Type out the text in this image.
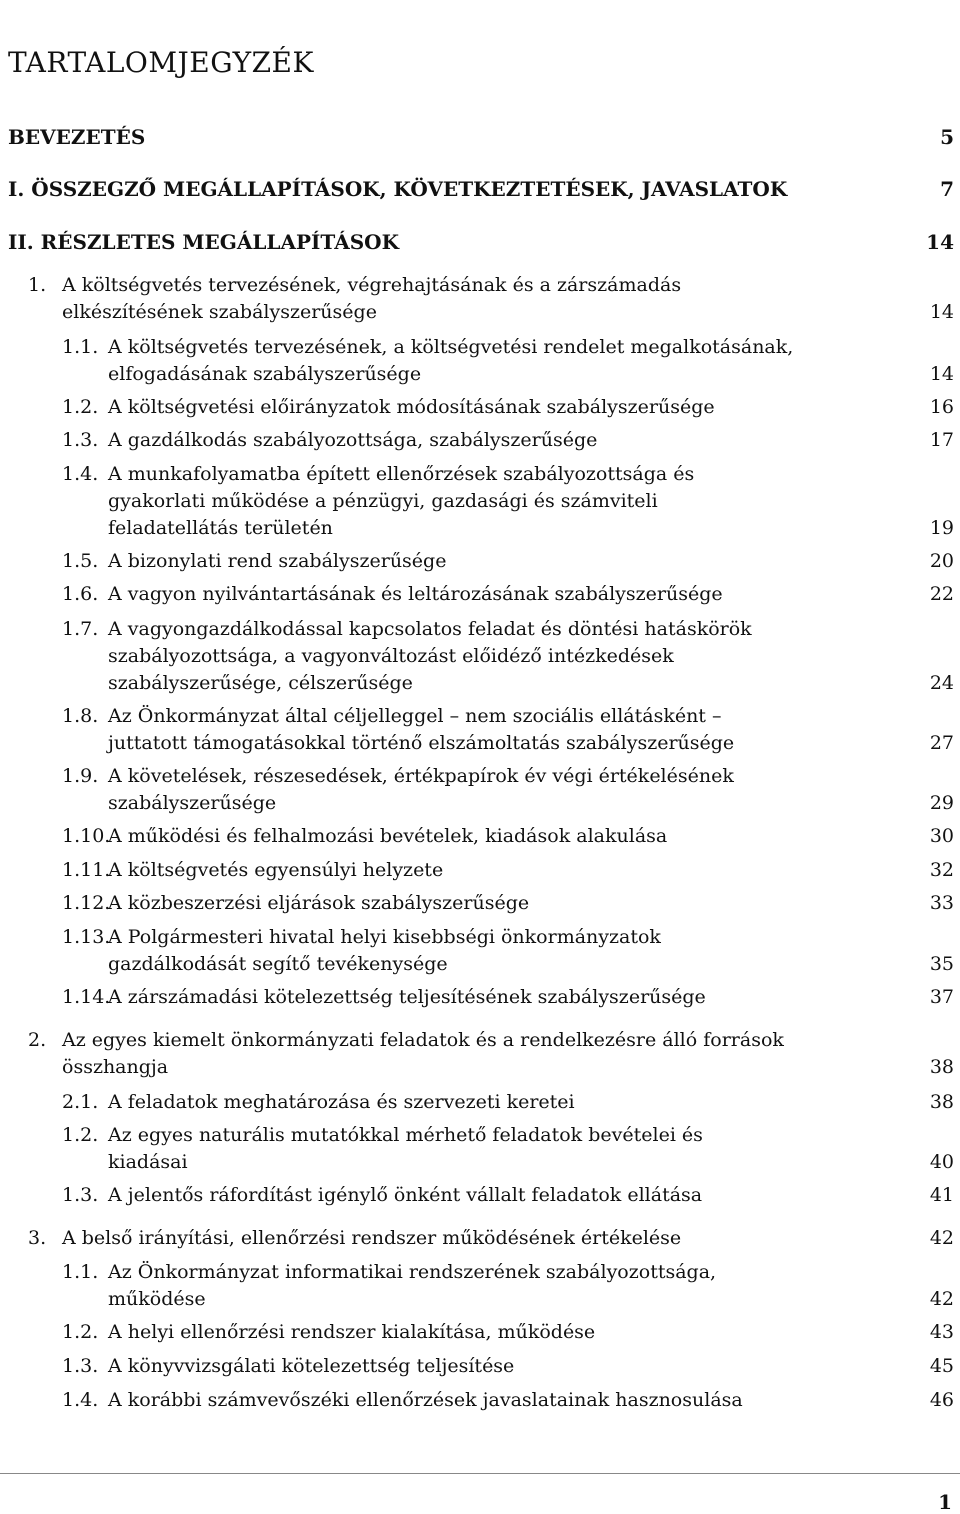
TARTALOMJEGYZÉK
BEVEZETÉS	5
I. ÖSSZEGZŐ MEGÁLLAPÍTÁSOK, KÖVETKEZTETÉSEK, JAVASLATOK	7
II. RÉSZLETES MEGÁLLAPÍTÁSOK	14
1. A költségvetés tervezésének, végrehajtásának és a zárszámadás
elkészítésének szabályszerűsége	14
1.1. A költségvetés tervezésének, a költségvetési rendelet megalkotásának,
elfogadásának szabályszerűsége	14
1.2. A költségvetési előirányzatok módosításának szabályszerűsége	16
1.3. A gazdálkodás szabályozottsága, szabályszerűsége	17
1.4. A munkafolyamatba épített ellenőrzések szabályozottsága és
gyakorlati működése a pénzügyi, gazdasági és számviteli
feladatellátás területén	19
1.5. A bizonylati rend szabályszerűsége	20
1.6. A vagyon nyilvántartásának és leltározásának szabályszerűsége	22
1.7. A vagyongazdálkodással kapcsolatos feladat és döntési hatáskörök
szabályozottsága, a vagyonváltozást előidéző intézkedések
szabályszerűsége, célszerűsége	24
1.8. Az Önkormányzat által céljelleggel – nem szociális ellátásként –
juttatott támogatásokkal történő elszámoltatás szabályszerűsége	27
1.9. A követelések, részesedések, értékpapírok év végi értékelésének
szabályszerűsége	29
1.10.
A működési és felhalmozási bevételek, kiadások alakulása	30
1.11.
A költségvetés egyensúlyi helyzete	32
1.12.
A közbeszerzési eljárások szabályszerűsége	33
1.13.
A Polgármesteri hivatal helyi kisebbségi önkormányzatok
gazdálkodását segítő tevékenysége	35
1.14.
A zárszámadási kötelezettség teljesítésének szabályszerűsége	37
2. Az egyes kiemelt önkormányzati feladatok és a rendelkezésre álló források
összhangja	38
2.1. A feladatok meghatározása és szervezeti keretei	38
1.2. Az egyes naturális mutatókkal mérhető feladatok bevételei és
kiadásai	40
1.3. A jelentős ráfordítást igénylő önként vállalt feladatok ellátása	41
3. A belső irányítási, ellenőrzési rendszer működésének értékelése	42
1.1. Az Önkormányzat informatikai rendszerének szabályozottsága,
működése	42
1.2. A helyi ellenőrzési rendszer kialakítása, működése	43
1.3. A könyvvizsgálati kötelezettség teljesítése	45
1.4. A korábbi számvevőszéki ellenőrzések javaslatainak hasznosulása	46
1
